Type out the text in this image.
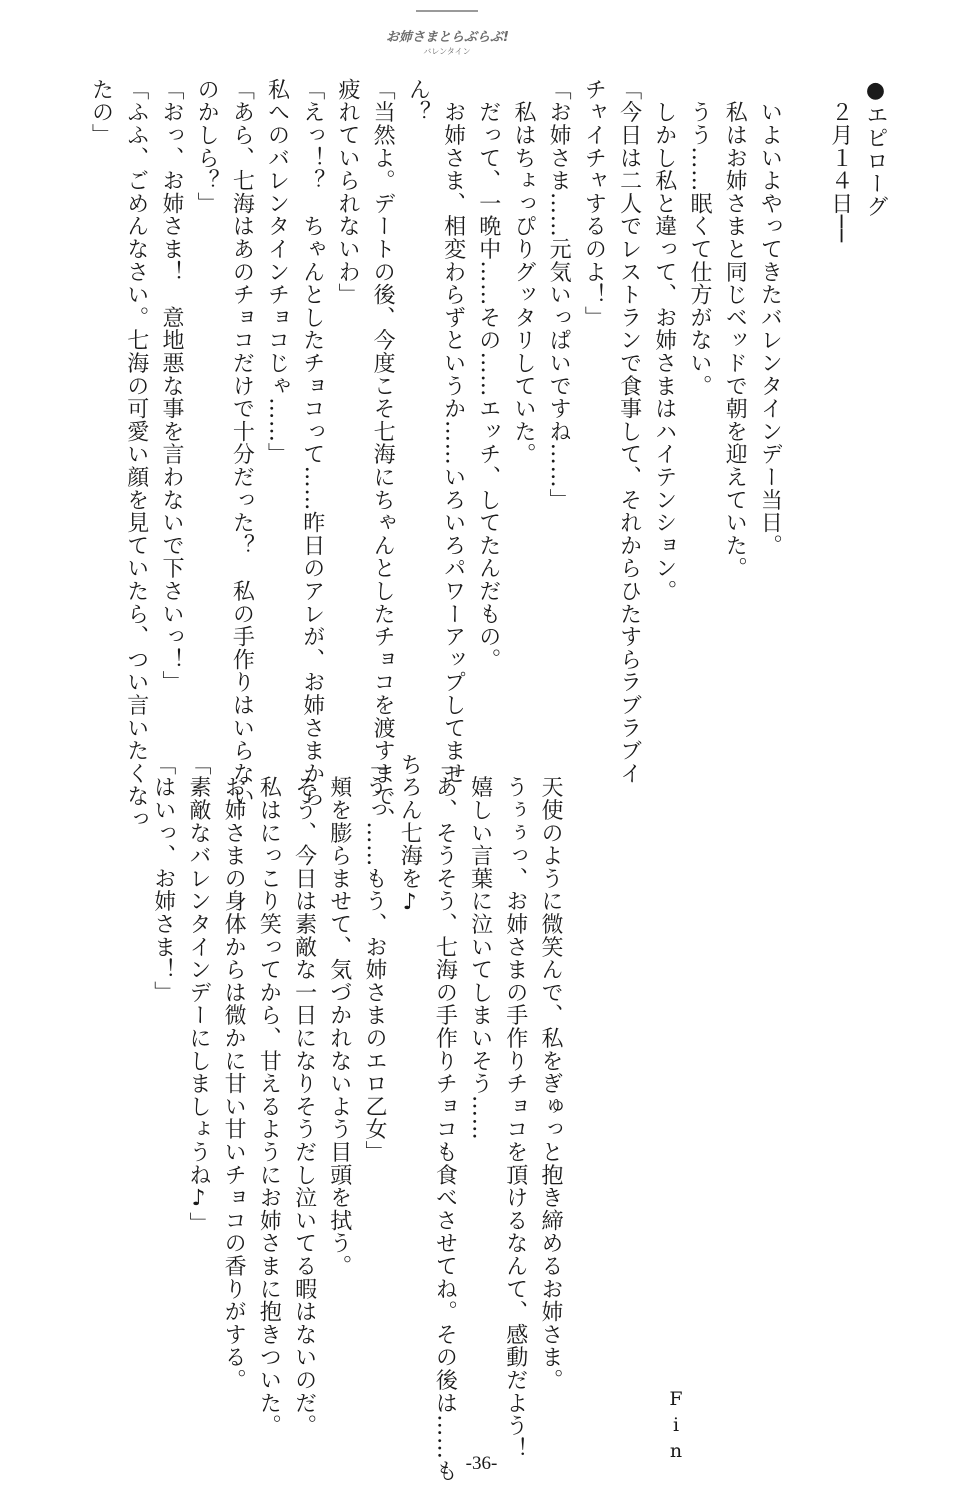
お姉さまとらぶらぶ!
バレンタイン
●エピローグ
　２月１４日──

　いよいよやってきたバレンタインデー当日。
　私はお姉さまと同じベッドで朝を迎えていた。
　うう……眠くて仕方がない。
　しかし私と違って、お姉さまはハイテンション。
「今日は二人でレストランで食事して、それからひたすらラブラブイ
チャイチャするのよ！」
「お姉さま……元気いっぱいですね……」
　私はちょっぴりグッタリしていた。
　だって、一晩中……その……エッチ、してたんだもの。
　お姉さま、相変わらずというか……いろいろパワーアップしてませ
ん？
「当然よ。デートの後、今度こそ七海にちゃんとしたチョコを渡すまで、
疲れていられないわ」
「えっ！？　ちゃんとしたチョコって……昨日のアレが、お姉さまから
私へのバレンタインチョコじゃ……」
「あら、七海はあのチョコだけで十分だった？　私の手作りはいらない
のかしら？」
「おっ、お姉さま！　意地悪な事を言わないで下さいっ！」
「ふふ、ごめんなさい。七海の可愛い顔を見ていたら、つい言いたくなっ
たの」
　天使のように微笑んで、私をぎゅっと抱き締めるお姉さま。
　うぅぅっ、お姉さまの手作りチョコを頂けるなんて、感動だよう！
　嬉しい言葉に泣いてしまいそう……
「あ、そうそう、七海の手作りチョコも食べさせてね。その後は……も
ちろん七海を♪
「うっ……もう、お姉さまのエロ乙女」
　頬を膨らませて、気づかれないよう目頭を拭う。
　そう、今日は素敵な一日になりそうだし泣いてる暇はないのだ。
　私はにっこり笑ってから、甘えるようにお姉さまに抱きついた。
　お姉さまの身体からは微かに甘い甘いチョコの香りがする。
「素敵なバレンタインデーにしましょうね♪」
「はいっ、お姉さま！」
Fin
-36-
